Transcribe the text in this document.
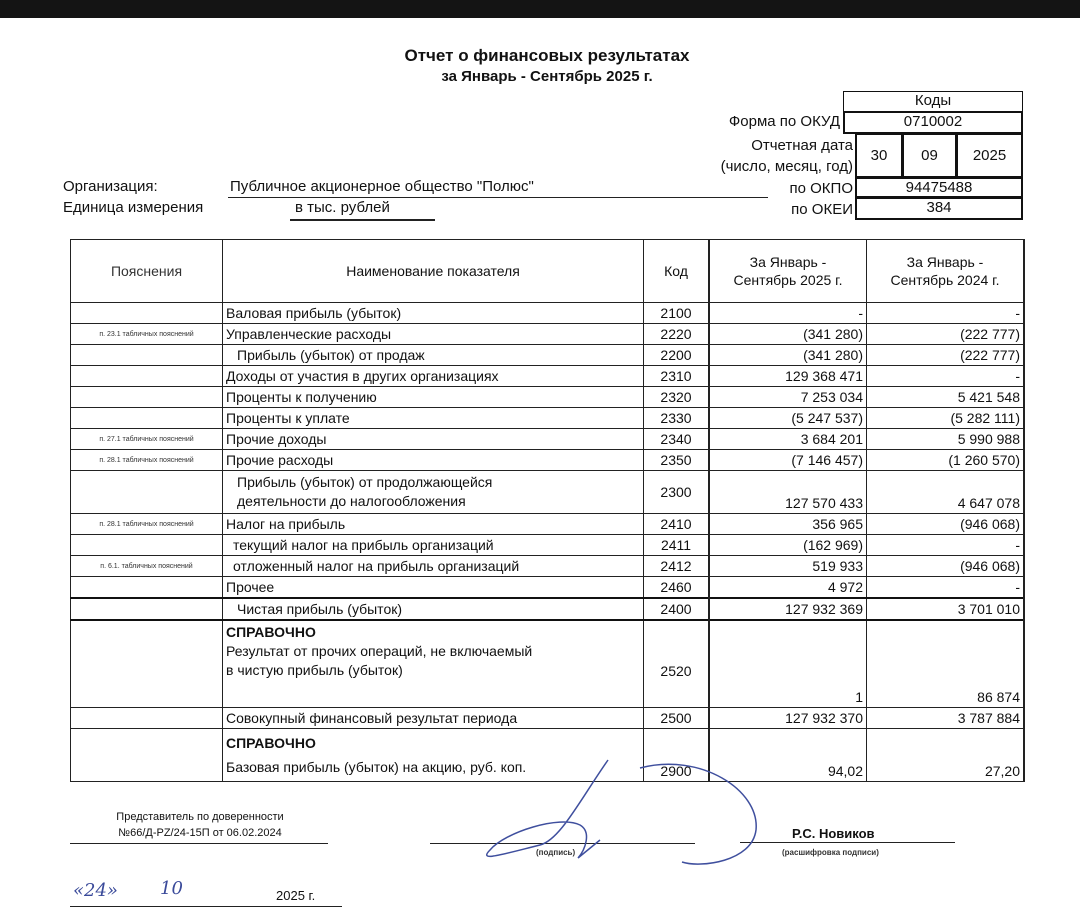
Отчет о финансовых результатах
за Январь - Сентябрь 2025 г.
Коды
Форма по ОКУД	0710002
Отчетная дата
(число, месяц, год)
30	09	2025
по ОКПО	94475488
по ОКЕИ	384
Организация:	Публичное акционерное общество "Полюс"
Единица измерения	в тыс. рублей
Пояснения	Наименование показателя	Код	
За Январь -
Сентябрь 2025 г.

За Январь -
Сентябрь 2024 г.

	Валовая прибыль (убыток)	2100	-	-
п. 23.1 табличных пояснений	Управленческие расходы	2220	(341 280)	(222 777)
	Прибыль (убыток) от продаж	2200	(341 280)	(222 777)
	Доходы от участия в других организациях	2310	129 368 471	-
	Проценты к получению	2320	7 253 034	5 421 548
	Проценты к уплате	2330	(5 247 537)	(5 282 111)
п. 27.1 табличных пояснений	Прочие доходы	2340	3 684 201	5 990 988
п. 28.1 табличных пояснений	Прочие расходы	2350	(7 146 457)	(1 260 570)

	Прибыль (убыток) от продолжающейся
деятельности до налогообложения	2300	127 570 433	4 647 078
п. 28.1 табличных пояснений	Налог на прибыль	2410	356 965	(946 068)
	текущий налог на прибыль организаций	2411	(162 969)	-
п. 6.1. табличных пояснений	отложенный налог на прибыль организаций	2412	519 933	(946 068)
	Прочее	2460	4 972	-
	Чистая прибыль (убыток)	2400	127 932 369	3 701 010

	СПРАВОЧНО
Результат от прочих операций, не включаемый
в чистую прибыль (убыток)	2520	1	86 874
	Совокупный финансовый результат периода	2500	127 932 370	3 787 884

	СПРАВОЧНО
Базовая прибыль (убыток) на акцию, руб. коп.	2900	94,02	27,20
Представитель по доверенности
№66/Д-PZ/24-15П от 06.02.2024
(подпись)
Р.С. Новиков
(расшифровка подписи)
«24» 10	2025 г.
